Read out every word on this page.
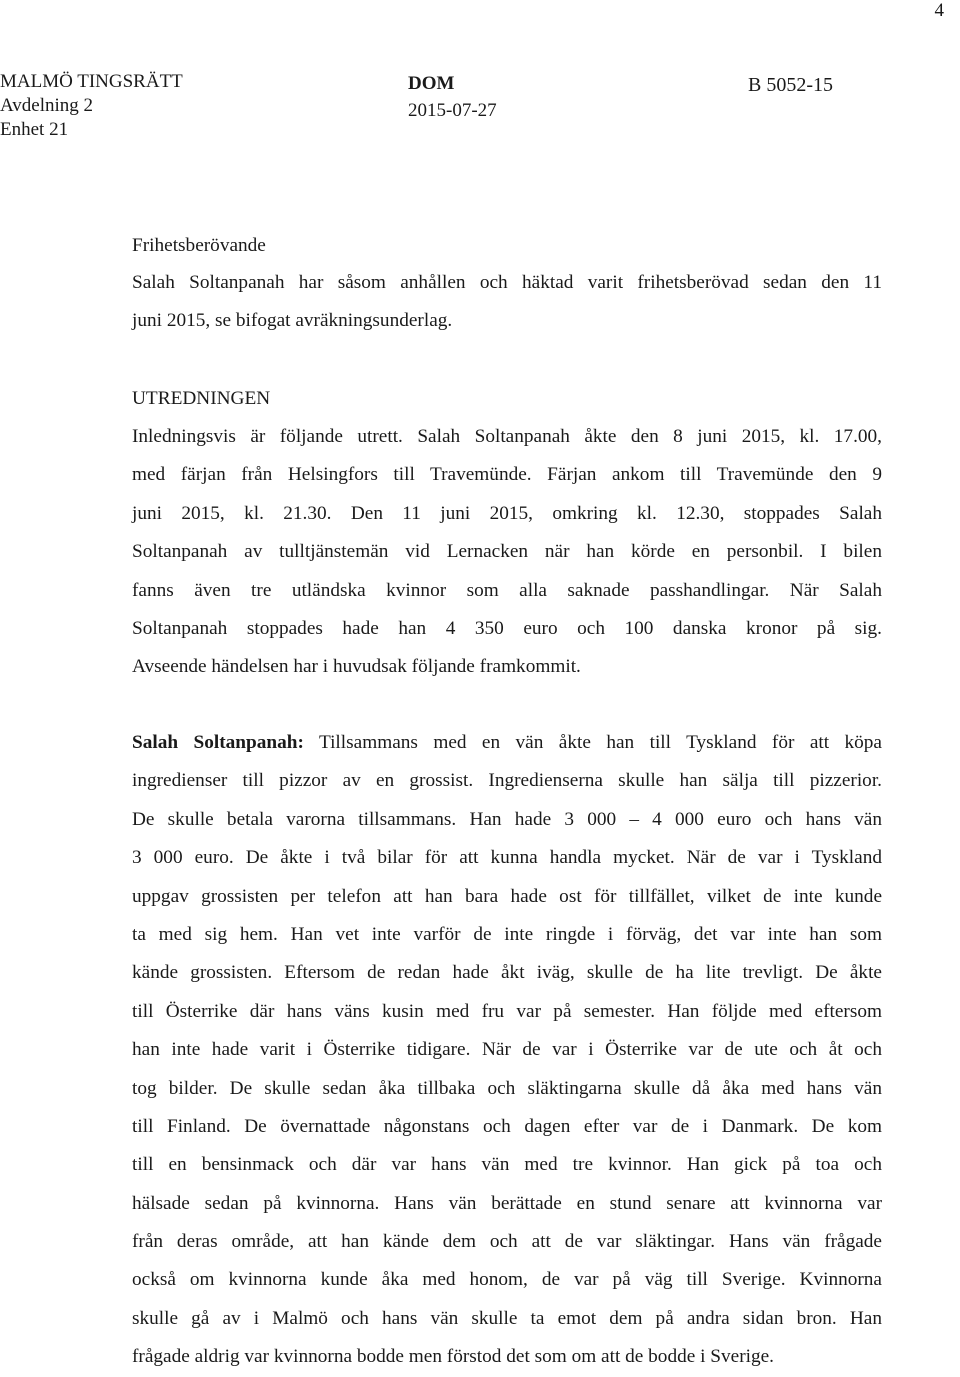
4
MALMÖ TINGSRÄTT
Avdelning 2
Enhet 21
DOM
2015-07-27
B 5052-15
Frihetsberövande
Salah Soltanpanah har såsom anhållen och häktad varit frihetsberövad sedan den 11
juni 2015, se bifogat avräkningsunderlag.
UTREDNINGEN
Inledningsvis är följande utrett. Salah Soltanpanah åkte den 8 juni 2015, kl. 17.00,
med färjan från Helsingfors till Travemünde. Färjan ankom till Travemünde den 9
juni 2015, kl. 21.30. Den 11 juni 2015, omkring kl. 12.30, stoppades Salah
Soltanpanah av tulltjänstemän vid Lernacken när han körde en personbil. I bilen
fanns även tre utländska kvinnor som alla saknade passhandlingar. När Salah
Soltanpanah stoppades hade han 4 350 euro och 100 danska kronor på sig.
Avseende händelsen har i huvudsak följande framkommit.
Salah Soltanpanah: Tillsammans med en vän åkte han till Tyskland för att köpa
ingredienser till pizzor av en grossist. Ingredienserna skulle han sälja till pizzerior.
De skulle betala varorna tillsammans. Han hade 3 000 – 4 000 euro och hans vän
3 000 euro. De åkte i två bilar för att kunna handla mycket. När de var i Tyskland
uppgav grossisten per telefon att han bara hade ost för tillfället, vilket de inte kunde
ta med sig hem. Han vet inte varför de inte ringde i förväg, det var inte han som
kände grossisten. Eftersom de redan hade åkt iväg, skulle de ha lite trevligt. De åkte
till Österrike där hans väns kusin med fru var på semester. Han följde med eftersom
han inte hade varit i Österrike tidigare. När de var i Österrike var de ute och åt och
tog bilder. De skulle sedan åka tillbaka och släktingarna skulle då åka med hans vän
till Finland. De övernattade någonstans och dagen efter var de i Danmark. De kom
till en bensinmack och där var hans vän med tre kvinnor. Han gick på toa och
hälsade sedan på kvinnorna. Hans vän berättade en stund senare att kvinnorna var
från deras område, att han kände dem och att de var släktingar. Hans vän frågade
också om kvinnorna kunde åka med honom, de var på väg till Sverige. Kvinnorna
skulle gå av i Malmö och hans vän skulle ta emot dem på andra sidan bron. Han
frågade aldrig var kvinnorna bodde men förstod det som om att de bodde i Sverige.
